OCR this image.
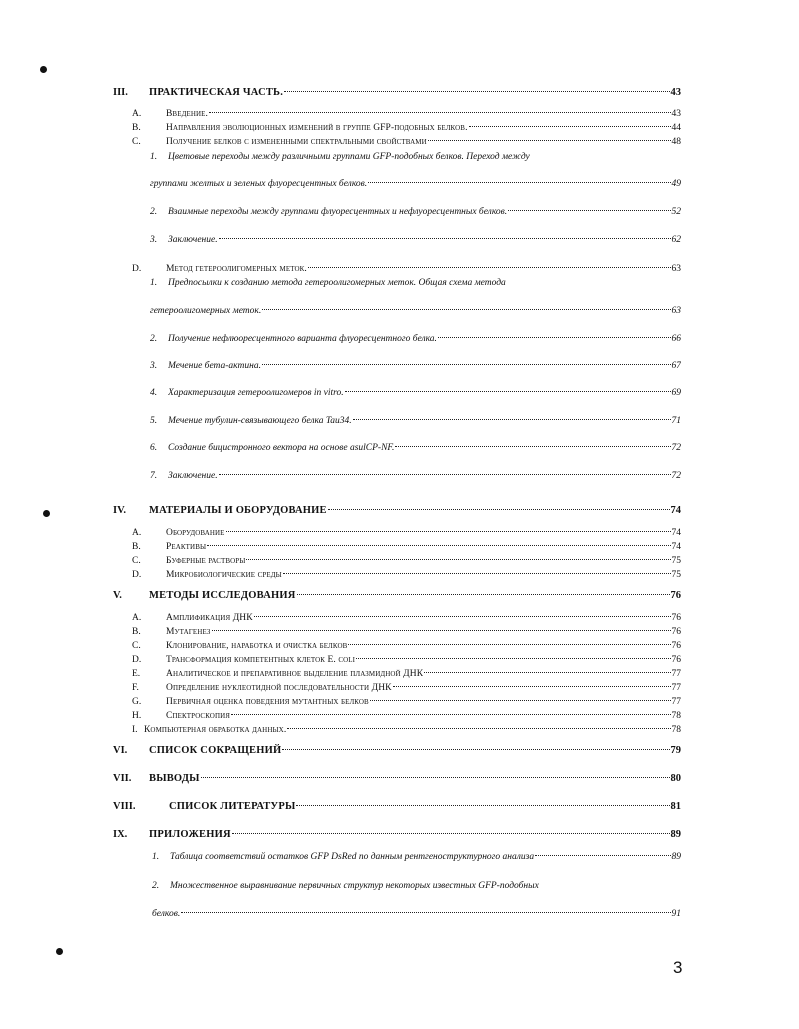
III.	ПРАКТИЧЕСКАЯ ЧАСТЬ.	43
A.	Введение.	43
B.	Направления эволюционных изменений в группе GFP-подобных белков.	44
C.	Получение белков с измененными спектральными свойствами	48
1.	Цветовые переходы между различными группами GFP-подобных белков. Переход между
группами желтых и зеленых флуоресцентных белков.	49
2.	Взаимные переходы между группами флуоресцентных и нефлуоресцентных белков.	52
3.	Заключение.	62
D.	Метод гетероолигомерных меток.	63
1.	Предпосылки к созданию метода гетероолигомерных меток. Общая схема метода
гетероолигомерных меток.	63
2.	Получение нефлюоресцентного варианта флуоресцентного белка.	66
3.	Мечение бета-актина.	67
4.	Характеризация гетероолигомеров in vitro.	69
5.	Мечение тубулин-связывающего белка Tau34.	71
6.	Создание бицистронного вектора на основе asulCP-NF.	72
7.	Заключение.	72
IV.	МАТЕРИАЛЫ И ОБОРУДОВАНИЕ	74
A.	Оборудование	74
B.	Реактивы	74
C.	Буферные растворы	75
D.	Микробиологические среды	75
V.	МЕТОДЫ ИССЛЕДОВАНИЯ	76
A.	Амплификация ДНК	76
B.	Мутагенез	76
C.	Клонирование, наработка и очистка белков	76
D.	Трансформация компетентных клеток E. coli	76
E.	Аналитическое и препаративное выделение плазмидной ДНК	77
F.	Определение нуклеотидной последовательности ДНК	77
G.	Первичная оценка поведения мутантных белков	77
H.	Спектроскопия	78
I. Компьютерная обработка данных.	78
VI.	СПИСОК СОКРАЩЕНИЙ	79
VII.	ВЫВОДЫ	80
VIII.	СПИСОК ЛИТЕРАТУРЫ	81
IX.	ПРИЛОЖЕНИЯ	89
1.	Таблица соответствий остатков GFP DsRed по данным рентгеноструктурного анализа	89
2.	Множественное выравнивание первичных структур некоторых известных GFP-подобных
белков.	91
3
